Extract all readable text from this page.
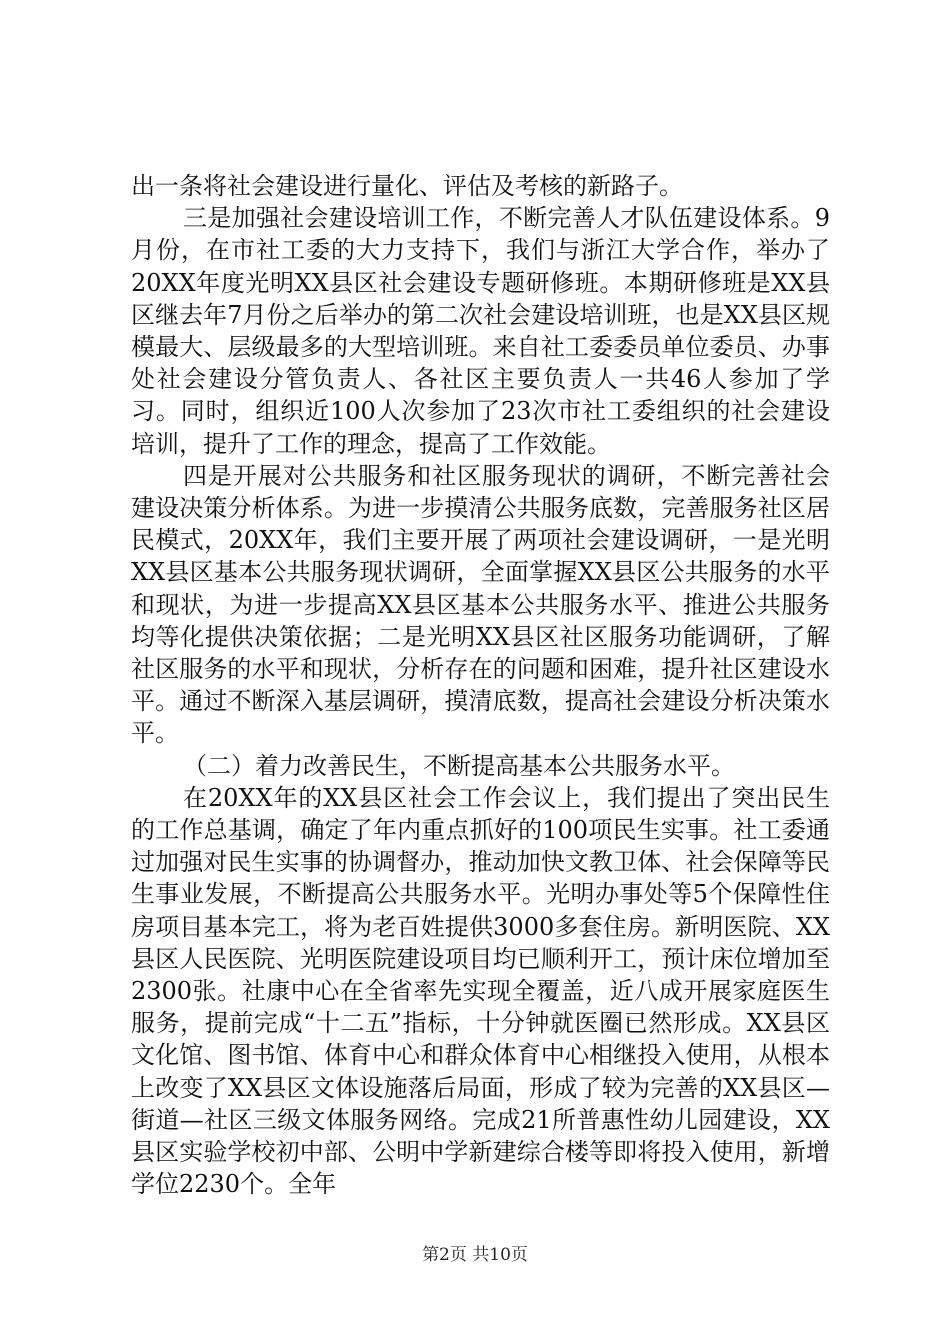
出一条将社会建设进行量化、评估及考核的新路子。

三是加强社会建设培训工作，不断完善人才队伍建设体系。9月份，在市社工委的大力支持下，我们与浙江大学合作，举办了20XX年度光明XX县区社会建设专题研修班。本期研修班是XX县区继去年7月份之后举办的第二次社会建设培训班，也是XX县区规模最大、层级最多的大型培训班。来自社工委委员单位委员、办事处社会建设分管负责人、各社区主要负责人一共46人参加了学习。同时，组织近100人次参加了23次市社工委组织的社会建设培训，提升了工作的理念，提高了工作效能。

四是开展对公共服务和社区服务现状的调研，不断完善社会建设决策分析体系。为进一步摸清公共服务底数，完善服务社区居民模式，20XX年，我们主要开展了两项社会建设调研，一是光明XX县区基本公共服务现状调研，全面掌握XX县区公共服务的水平和现状，为进一步提高XX县区基本公共服务水平、推进公共服务均等化提供决策依据；二是光明XX县区社区服务功能调研，了解社区服务的水平和现状，分析存在的问题和困难，提升社区建设水平。通过不断深入基层调研，摸清底数，提高社会建设分析决策水平。

（二）着力改善民生，不断提高基本公共服务水平。

在20XX年的XX县区社会工作会议上，我们提出了突出民生的工作总基调，确定了年内重点抓好的100项民生实事。社工委通过加强对民生实事的协调督办，推动加快文教卫体、社会保障等民生事业发展，不断提高公共服务水平。光明办事处等5个保障性住房项目基本完工，将为老百姓提供3000多套住房。新明医院、XX县区人民医院、光明医院建设项目均已顺利开工，预计床位增加至2300张。社康中心在全省率先实现全覆盖，近八成开展家庭医生服务，提前完成“十二五”指标，十分钟就医圈已然形成。XX县区文化馆、图书馆、体育中心和群众体育中心相继投入使用，从根本上改变了XX县区文体设施落后局面，形成了较为完善的XX县区—街道—社区三级文体服务网络。完成21所普惠性幼儿园建设，XX县区实验学校初中部、公明中学新建综合楼等即将投入使用，新增学位2230个。全年

第2页 共10页
